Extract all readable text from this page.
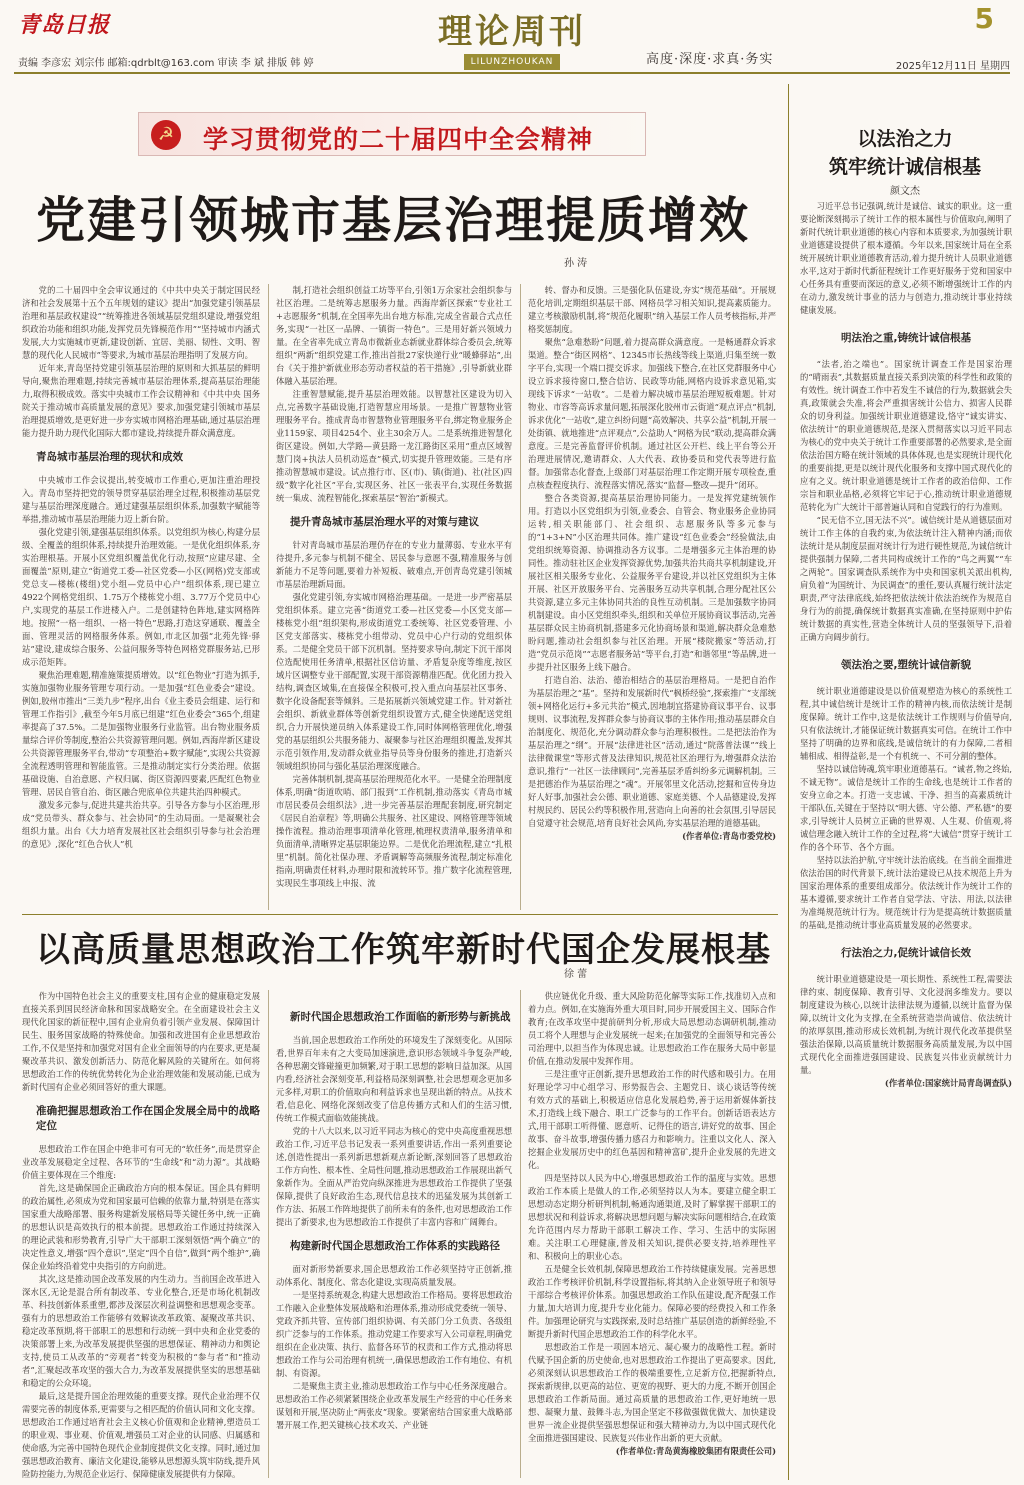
青岛日报	理论周刊
LILUNZHOUKAN
5
责编 李彦宏 刘宗伟 邮箱:qdrblt@163.com 审读 李 斌 排版 韩 婷	高度·深度·求真·务实	2025年12月11日 星期四
☭ 学习贯彻党的二十届四中全会精神
党建引领城市基层治理提质增效
孙 涛

党的二十届四中全会审议通过的《中共中央关于制定国民经济和社会发展第十五个五年规划的建议》提出“加强党建引领基层治理和基层政权建设”“统筹推进各领域基层党组织建设,增强党组织政治功能和组织功能,发挥党员先锋模范作用”“坚持城市内涵式发展,大力实施城市更新,建设创新、宜居、美丽、韧性、文明、智慧的现代化人民城市”等要求,为城市基层治理指明了发展方向。

近年来,青岛坚持党建引领基层治理的原则和大抓基层的鲜明导向,聚焦治理难题,持续完善城市基层治理体系,提高基层治理能力,取得积极成效。落实中央城市工作会议精神和《中共中央 国务院关于推动城市高质量发展的意见》要求,加强党建引领城市基层治理提质增效,是更好进一步夯实城市网格治理基础,通过基层治理能力提升助力现代化国际大都市建设,持续提升群众满意度。

青岛城市基层治理的现状和成效

中央城市工作会议提出,转变城市工作重心,更加注重治理投入。青岛市坚持把党的领导贯穿基层治理全过程,积极推动基层党建与基层治理深度融合。通过建强基层组织体系,加强数字赋能等举措,推动城市基层治理能力迈上新台阶。

强化党建引领,建强基层组织体系。以党组织为核心,构建分层级、全覆盖的组织体系,持续提升治理效能。一是优化组织体系,夯实治理根基。开展小区党组织覆盖优化行动,按照“应建尽建、全面覆盖”原则,建立“街道党工委—社区党委—小区(网格)党支部或党总支—楼栋(楼组)党小组—党员中心户”组织体系,现已建立4922个网格党组织、1.75万个楼栋党小组、3.77万个党员中心户,实现党的基层工作进楼入户。二是创建特色阵地,建实网格阵地。按照“一格一组织、一格一特色”思路,打造这穿通联、覆盖全面、管理灵活的网格服务体系。例如,市北区加强“北苑先锋·驿站”建设,建成综合服务、公益问服务等特色网格党群服务站,已形成示范矩阵。

聚焦治理难题,精准施策提质增效。以“红色物业”打造为抓手,实施加强物业服务管理专项行动。一是加强“红色业委会”建设。例如,胶州市推出“三美九步”程序,出台《业主委员会组建、运行和管理工作指引》,截至今年5月底已组建“红色业委会”365个,组建率提高了37.5%。二是加强物业服务行业监管。出台物业服务质量综合评价等制度,整治公共资源管理问题。例如,西海岸新区建设公共资源管理服务平台,带动“专项整治+数字赋能”,实现公共资源全流程透明管理和智能监管。三是推动制定实行分类治理。依据基础设施、自治意愿、产权归属、街区资源四要素,匹配红色物业管理、居民自管自治、街区融合兜底单位共建共治四种模式。

激发多元参与,促进共建共治共享。引导各方参与小区治理,形成“党员带头、群众参与、社会协同”的生动局面。一是凝聚社会组织力量。出台《大力培育发展社区社会组织引导参与社会治理的意见》,深化“红色合伙人”机

制,打造社会组织创益工坊等平台,引领1万余家社会组织参与社区治理。二是统筹志愿服务力量。西海岸新区探索“专业社工+志愿服务”机制,在全国率先出台地方标准,完成全省最合式点任务,实现“一社区一品牌、一镇街一特色”。三是用好新兴领域力量。在全省率先成立青岛市微新业态新就业群体综合委员会,统筹组织“两新”组织党建工作,推出首批27家快递行业“暖蜂驿站”,出台《关于推护新就业形态劳动者权益的若干措施》,引导新就业群体融入基层治理。

注重智慧赋能,提升基层治理效能。以智慧社区建设为切入点,完善数字基础设施,打造智慧应用场景。一是推广智慧物业管理服务平台。推成青岛市智慧物业管理服务平台,绑定物业服务企业1159家、项目4254个、业主30余万人。二是系统推进智慧化街区建设。例如,大学路—黄县路一龙江路街区采用“重点区域智慧门岗+执法人员机动巡查”模式,切实提升管理效能。三是有序推动智慧城市建设。试点推行市、区(市)、镇(街道)、社(社区)四级“数字化社区”平台,实现区务、社区一张表平台,实现任务数据统一集成、流程智能化,探索基层“智治”新模式。

提升青岛城市基层治理水平的对策与建议

针对青岛城市基层治理仍存在的专业力量薄弱、专业水平有待提升,多元参与机制不健全、居民参与意愿不强,精准服务与创新能力不足等问题,要着力补短板、破难点,开创青岛党建引领城市基层治理新局面。

强化党建引领,夯实城市网格治理基础。一是进一步严密基层党组织体系。建立完善“街道党工委—社区党委—小区党支部—楼栋党小组”组织架构,形成街道党工委统筹、社区党委管理、小区党支部落实、楼栋党小组带动、党员中心户行动的党组织体系。二是健全党员干部下沉机制。坚持要求导向,制定下沉干部岗位选配使用任务清单,根据社区信访量、矛盾复杂度等维度,按区域片区调整专业干部配置,实现干部资源精准匹配。优化团力投入结构,调查区域集,在直接保全积极可,投入重点向基层社区事务、数字化设备配套等倾斜。三是拓展新兴领域党建工作。针对新社会组织、新就业群体等创新党组织设置方式,健全快递配送党组织,合力开展快递员纳入体系建设工作,同时体网格管理优化,增强党的基层组织公共服务能力、凝聚参与社区治理组织覆盖,发挥其示范引领作用,发动群众就业指导员等身份服务的推进,打造新兴领域组织协同与强化基层治理深度融合。

完善体制机制,提高基层治理规范化水平。一是健全治理制度体系,明确“街道吹哨、部门报到”工作机制,推动落实《青岛市城市居民委员会组织法》,进一步完善基层治理配套制度,研究制定《居民自治章程》等,明确公共服务、社区建设、网格管理等领域操作流程。推动治理事项清单化管理,梳理权责清单,服务清单和负面清单,清晰界定基层职能边界。二是优化治理流程,建立“扎根里”机制。简化社保办理、矛盾调解等高频服务流程,制定标准化指南,明确责任材料,办理时限和流转环节。推广数字化流程管理,实现民生事项线上申报、流

转、督办和反馈。三是强化队伍建设,夯实“规范基础”。开展规范化培训,定期组织基层干部、网格员学习相关知识,提高素质能力。建立考核激励机制,将“规范化履职”纳入基层工作人员考核指标,并严格奖惩制度。

聚焦“急难愁盼”问题,着力提高群众满意度。一是畅通群众诉求渠道。整合“街区网格”、12345市长热线等线上渠道,归集至统一数字平台,实现一个端口提交诉求。加强线下整合,在社区党群服务中心设立诉求接待窗口,整合信访、民政等功能,网格内设诉求意见箱,实现线下诉求“一站收”。二是着力解决城市基层治理短板难题。针对物业、市容等高诉求量问题,拓展深化胶州市云街道“观点评点”机制,诉求优化“一站收”,建立纠纷问题“高效解决、共享公益”机制,开展一处街镇、就地推进“点评观点”,公益助人“网格为民”联动,提高群众满意度。三是完善监督评价机制。通过社区公开栏、线上平台等公开治理进展情况,邀请群众、人大代表、政协委员和党代表等进行监督。加强常态化督查,上级部门对基层治理工作定期开展专项检查,重点核查程度执行、流程落实情况,落实“监督—整改—提升”闭环。

整合各类资源,提高基层治理协同能力。一是发挥党建统领作用。打造以小区党组织为引领,业委会、自管会、物业服务企业协同运转,相关职能部门、社会组织、志愿服务队等多元参与的“1+3+N”小区治理共同体。推广建设“红色业委会”经验做法,由党组织统筹资源、协调推动各方议事。二是增强多元主体治理的协同性。推动驻社区企业发挥资源优势,加强共治共商共享机制建设,开展社区相关服务专业化、公益服务平台建设,并以社区党组织为主体开展、社区开放服务平台、完善服务互动共享机制,合理分配社区公共资源,建立多元主体协同共治的良性互动机制。三是加强数字协同机制建设。由小区党组织牵头,组织和关单位开展协商议事活动,完善基层群众民主协商机制,搭建多元化协商场景和渠道,解决群众急难愁盼问题,推动社会组织参与社区治理。开展“楼院搬家”等活动,打造“党员示范岗”“志愿者服务站”等平台,打造“和谐邻里”等品牌,进一步提升社区服务上线下融合。

打造自治、法治、德治相结合的基层治理格局。一是把自治作为基层治理之“基”。坚持和发展新时代“枫桥经验”,探索推广“支部统领+网格化运行+多元共治”模式,因地制宜搭建协商议事平台、议事规则、议事流程,发挥群众参与协商议事的主体作用;推动基层群众自治制度化、规范化,充分调动群众参与治理积极性。二是把法治作为基层治理之“纲”。开展“法律进社区”活动,通过“院落普法课”“线上法律微课堂”等形式普及法律知识,规范社区治理行为,增强群众法治意识,推行“一社区一法律顾问”,完善基层矛盾纠纷多元调解机制。三是把德治作为基层治理之“魂”。开展邻里文化活动,挖掘和宣传身边好人好事,加强社会公德、职业道德、家庭美德、个人品德建设,发挥村规民约、居民公约等积极作用,营造向上向善的社会氛围,引导居民自觉遵守社会规范,培育良好社会风尚,夯实基层治理的道德基础。

(作者单位:青岛市委党校)

以高质量思想政治工作筑牢新时代国企发展根基
徐 蕾

作为中国特色社会主义的重要支柱,国有企业的健康稳定发展直接关系到国民经济命脉和国家战略安全。在全面建设社会主义现代化国家的新征程中,国有企业肩负着引领产业发展、保障国计民生、服务国家战略的特殊使命。加强和改进国有企业思想政治工作,不仅是坚持和加强党对国有企业全面领导的内在要求,更是凝聚改革共识、激发创新活力、防范化解风险的关键所在。如何将思想政治工作的传统优势转化为企业治理效能和发展动能,已成为新时代国有企业必须回答好的重大课题。

准确把握思想政治工作在国企发展全局中的战略定位

思想政治工作在国企中绝非可有可无的“软任务”,而是贯穿企业改革发展稳定全过程、各环节的“生命线”和“动力源”。其战略价值主要体现在三个维度:

首先,这是确保国企正确政治方向的根本保证。国企具有鲜明的政治属性,必须成为党和国家最可信赖的依靠力量,特别是在落实国家重大战略部署、服务构建新发展格局等关键任务中,统一正确的思想认识是高效执行的根本前提。思想政治工作通过持续深入的理论武装和形势教育,引导广大干部职工深刻领悟“两个确立”的决定性意义,增强“四个意识”,坚定“四个自信”,做到“两个维护”,确保企业始终沿着党中央指引的方向前进。

其次,这是推动国企改革发展的内生动力。当前国企改革进入深水区,无论是混合所有制改革、专业化整合,还是市场化机制改革、科技创新体系重塑,都涉及深层次利益调整和思想观念变革。强有力的思想政治工作能够有效解读改革政策、凝聚改革共识、稳定改革预期,将干部职工的思想和行动统一到中央和企业党委的决策部署上来,为改革发展提供坚强的思想保证、精神动力和舆论支持,使员工从改革的“旁观者”转变为积极的“参与者”和“推动者”,汇聚起改革攻坚的强大合力,为改革发展提供坚实的思想基础和稳定的公众环境。

最后,这是提升国企治理效能的重要支撑。现代企业治理不仅需要完善的制度体系,更需要与之相匹配的价值认同和文化支撑。思想政治工作通过培育社会主义核心价值观和企业精神,塑造员工的职业观、事业观、价值观,增强员工对企业的认同感、归属感和使命感,为完善中国特色现代企业制度提供文化支撑。同时,通过加强思想政治教育、廉洁文化建设,能够从思想源头筑牢防线,提升风险防控能力,为规范企业运行、保障健康发展提供有力保障。

新时代国企思想政治工作面临的新形势与新挑战

当前,国企思想政治工作所处的环境发生了深刻变化。从国际看,世界百年未有之大变局加速演进,意识形态领域斗争复杂严峻,各种思潮交锋碰撞更加频繁,对于职工思想的影响日益加深。从国内看,经济社会深刻变革,利益格局深刻调整,社会思想观念更加多元多样,对职工的价值取向和利益诉求也呈现出新的特点。从技术看,信息化、网络化深刻改变了信息传播方式和人们的生活习惯,传统工作模式面临效能挑战。

党的十八大以来,以习近平同志为核心的党中央高度重视思想政治工作,习近平总书记发表一系列重要讲话,作出一系列重要论述,创造性提出一系列新思想新观点新论断,深刻回答了思想政治工作方向性、根本性、全局性问题,推动思想政治工作展现出新气象新作为。全面从严治党向纵深推进为思想政治工作提供了坚强保障,提供了良好政治生态,现代信息技术的迅猛发展为其创新工作方法、拓展工作阵地提供了前所未有的条件,也对思想政治工作提出了新要求,也为思想政治工作提供了丰富内容和广阔舞台。

构建新时代国企思想政治工作体系的实践路径

面对新形势新要求,国企思想政治工作必须坚持守正创新,推动体系化、制度化、常态化建设,实现高质量发展。

一是坚持系统观念,构建大思想政治工作格局。要将思想政治工作融入企业整体发展战略和治理体系,推动形成党委统一领导、党政齐抓共管、宣传部门组织协调、有关部门分工负责、各级组织广泛参与的工作体系。推动党建工作要求写入公司章程,明确党组织在企业决策、执行、监督各环节的权责和工作方式,推动将思想政治工作与公司治理有机统一,确保思想政治工作有地位、有机制、有资源。

二是聚焦主责主业,推动思想政治工作与中心任务深度融合。思想政治工作必须紧紧围绕企业改革发展生产经营的中心任务来谋划和开展,坚决防止“两张皮”现象。要紧密结合国家重大战略部署开展工作,把关键核心技术攻关、产业链

供应链优化升级、重大风险防范化解等实际工作,找准切入点和着力点。例如,在实施海外重大项目时,同步开展爱国主义、国际合作教育;在改革攻坚中提前研判分析,形成大局思想动态调研机制,推动员工将个人理想与企业发展统一起来;在加强党的全面领导和完善公司治理中,以担当作为体现忠诚。让思想政治工作在服务大局中彰显价值,在推动发展中发挥作用。

三是注重守正创新,提升思想政治工作的时代感和吸引力。在用好理论学习中心组学习、形势报告会、主题党日、谈心谈话等传统有效方式的基础上,积极适应信息化发展趋势,善于运用新媒体新技术,打造线上线下融合、职工广泛参与的工作平台。创新话语表达方式,用干部职工听得懂、愿意听、记得住的语言,讲好党的故事、国企故事、奋斗故事,增强传播力感召力和影响力。注重以文化人、深入挖掘企业发展历史中的红色基因和精神富矿,提升企业发展的先进文化。

四是坚持以人民为中心,增强思想政治工作的温度与实效。思想政治工作本质上是做人的工作,必须坚持以人为本。要建立健全职工思想动态定期分析研判机制,畅通沟通渠道,及时了解掌握干部职工的思想状况和利益诉求,将解决思想问题与解决实际问题相结合,在政策允许范围内尽力帮助干部职工解决工作、学习、生活中的实际困难。关注职工心理健康,普及相关知识,提供必要支持,培养理性平和、积极向上的职业心态。

五是健全长效机制,保障思想政治工作持续健康发展。完善思想政治工作考核评价机制,科学设置指标,将其纳入企业领导班子和领导干部综合考核评价体系。加强思想政治工作队伍建设,配齐配强工作力量,加大培训力度,提升专业化能力。保障必要的经费投入和工作条件。加强理论研究与实践探索,及时总结推广基层创造的新鲜经验,不断提升新时代国企思想政治工作的科学化水平。

思想政治工作是一项固本培元、凝心聚力的战略性工程。新时代赋予国企新的历史使命,也对思想政治工作提出了更高要求。因此,必须深刻认识思想政治工作的极端重要性,立足新方位,把握新特点,探索新规律,以更高的站位、更宽的视野、更大的力度,不断开创国企思想政治工作新局面。通过高质量的思想政治工作,更好地统一思想、凝聚力量、鼓舞斗志,为国企坚定不移做强做优做大、加快建设世界一流企业提供坚强思想保证和强大精神动力,为以中国式现代化全面推进强国建设、民族复兴伟业作出新的更大贡献。

(作者单位:青岛黄海橡胶集团有限责任公司)

以法治之力
筑牢统计诚信根基
颜文杰

习近平总书记强调,统计是诚信、诚实的职业。这一重要论断深刻揭示了统计工作的根本属性与价值取向,阐明了新时代统计职业道德的核心内容和本质要求,为加强统计职业道德建设提供了根本遵循。今年以来,国家统计局在全系统开展统计职业道德教育活动,着力提升统计人员职业道德水平,这对于新时代新征程统计工作更好服务于党和国家中心任务具有重要而深远的意义,必须不断增强统计工作的内在动力,激发统计事业的活力与创造力,推动统计事业持续健康发展。

明法治之重,铸统计诚信根基

“法者,治之端也”。国家统计调查工作是国家治理的“晴雨表”,其数据质量直接关系到决策的科学性和政策的有效性。统计调查工作中若发生不诚信的行为,数据就会失真,政策就会失准,将会严重损害统计公信力、损害人民群众的切身利益。加强统计职业道德建设,恪守“诚实讲实、依法统计”的职业道德规范,是深入贯彻落实以习近平同志为核心的党中央关于统计工作重要部署的必然要求,是全面依法治国方略在统计领域的具体体现,也是实现统计现代化的重要前提,更是以统计现代化服务和支撑中国式现代化的应有之义。统计职业道德是统计工作者的政治信仰、工作宗旨和职业品格,必须将它牢记于心,推动统计职业道德规范转化为广大统计干部普遍认同和自觉践行的行为准则。

“民无信不立,国无法不兴”。诚信统计是从道德层面对统计工作主体的自我约束,为依法统计注入精神内涵;而依法统计是从制度层面对统计行为进行硬性规范,为诚信统计提供强制力保障,二者共同构成统计工作的“鸟之两翼”“车之两轮”。国家调查队系统作为中央和国家机关派出机构,肩负着“为国统计、为民调查”的重任,要认真履行统计法定职责,严守法律底线,始终把依法统计依法治统作为规范自身行为的前提,确保统计数据真实准确,在坚持原则中护佑统计数据的真实性,营造全体统计人员的坚强领导下,沿着正确方向阔步前行。

领法治之要,塑统计诚信新貌

统计职业道德建设是以价值观塑造为核心的系统性工程,其中诚信统计是统计工作的精神内核,而依法统计是制度保障。统计工作中,这是依法统计工作规则与价值导向,只有依法统计,才能保证统计数据真实可信。在统计工作中坚持了明确的边界和底线,是诚信统计的有力保障,二者相辅相成、相得益彰,是一个有机统一、不可分割的整体。

坚持以诚信铸魂,筑牢职业道德基石。“诚者,物之终始,不诚无物”。诚信是统计工作的生命线,也是统计工作者的安身立命之本。打造一支忠诚、干净、担当的高素质统计干部队伍,关键在于坚持以“明大德、守公德、严私德”的要求,引导统计人员树立正确的世界观、人生观、价值观,将诚信理念融入统计工作的全过程,将“大诚信”贯穿于统计工作的各个环节、各个方面。

坚持以法治护航,守牢统计法治底线。在当前全面推进依法治国的时代背景下,统计法治建设已从技术规范上升为国家治理体系的重要组成部分。依法统计作为统计工作的基本遵循,要求统计工作者自觉学法、守法、用法,以法律为准绳规范统计行为。规范统计行为是提高统计数据质量的基础,是推动统计事业高质量发展的必然要求。

行法治之力,促统计诚信长效

统计职业道德建设是一项长期性、系统性工程,需要法律约束、制度保障、教育引导、文化浸润多维发力。要以制度建设为核心,以统计法律法规为遵循,以统计监督为保障,以统计文化为支撑,在全系统营造崇尚诚信、依法统计的浓厚氛围,推动形成长效机制,为统计现代化改革提供坚强法治保障,以高质量统计数据服务高质量发展,为以中国式现代化全面推进强国建设、民族复兴伟业贡献统计力量。

(作者单位:国家统计局青岛调查队)
